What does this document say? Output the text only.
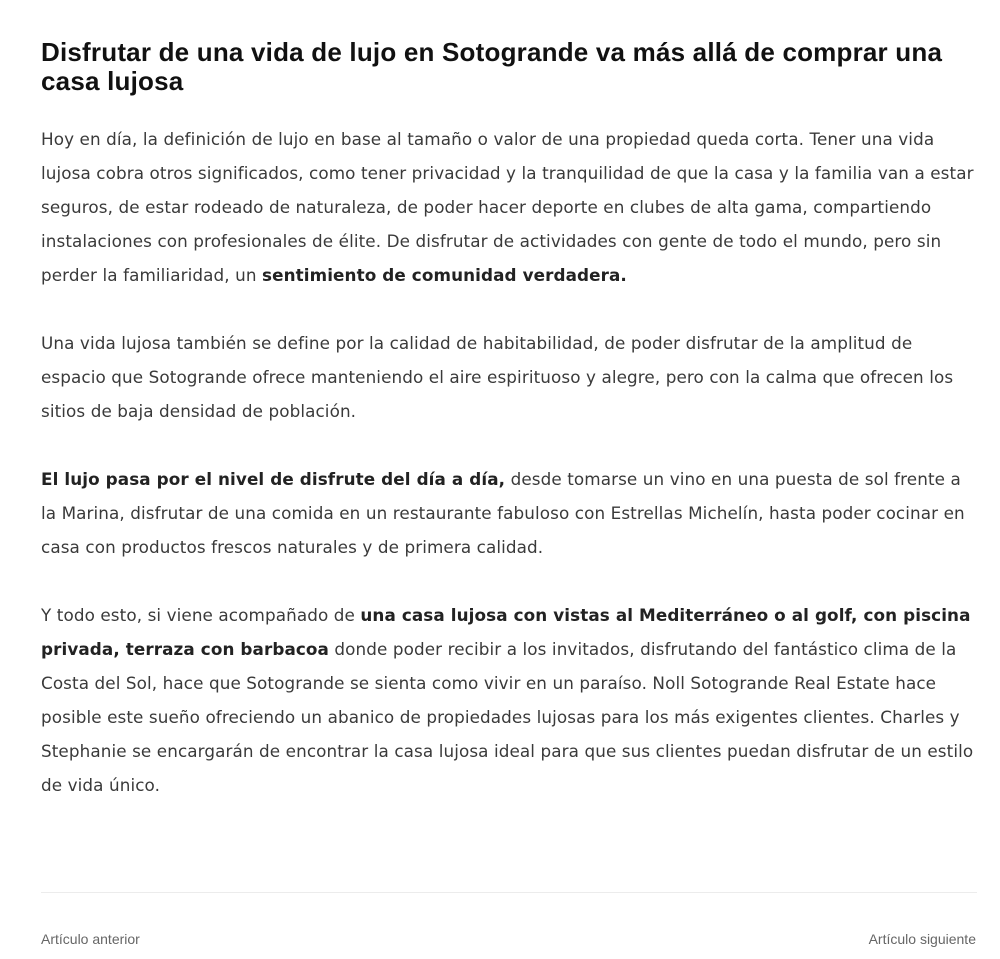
Disfrutar de una vida de lujo en Sotogrande va más allá de comprar una casa lujosa

Hoy en día, la definición de lujo en base al tamaño o valor de una propiedad queda corta. Tener una vida lujosa cobra otros significados, como tener privacidad y la tranquilidad de que la casa y la familia van a estar seguros, de estar rodeado de naturaleza, de poder hacer deporte en clubes de alta gama, compartiendo instalaciones con profesionales de élite. De disfrutar de actividades con gente de todo el mundo, pero sin perder la familiaridad, un sentimiento de comunidad verdadera.

Una vida lujosa también se define por la calidad de habitabilidad, de poder disfrutar de la amplitud de espacio que Sotogrande ofrece manteniendo el aire espirituoso y alegre, pero con la calma que ofrecen los sitios de baja densidad de población.

El lujo pasa por el nivel de disfrute del día a día, desde tomarse un vino en una puesta de sol frente a la Marina, disfrutar de una comida en un restaurante fabuloso con Estrellas Michelín, hasta poder cocinar en casa con productos frescos naturales y de primera calidad.

Y todo esto, si viene acompañado de una casa lujosa con vistas al Mediterráneo o al golf, con piscina privada, terraza con barbacoa donde poder recibir a los invitados, disfrutando del fantástico clima de la Costa del Sol, hace que Sotogrande se sienta como vivir en un paraíso. Noll Sotogrande Real Estate hace posible este sueño ofreciendo un abanico de propiedades lujosas para los más exigentes clientes. Charles y Stephanie se encargarán de encontrar la casa lujosa ideal para que sus clientes puedan disfrutar de un estilo de vida único.

Artículo anterior	Artículo siguiente
